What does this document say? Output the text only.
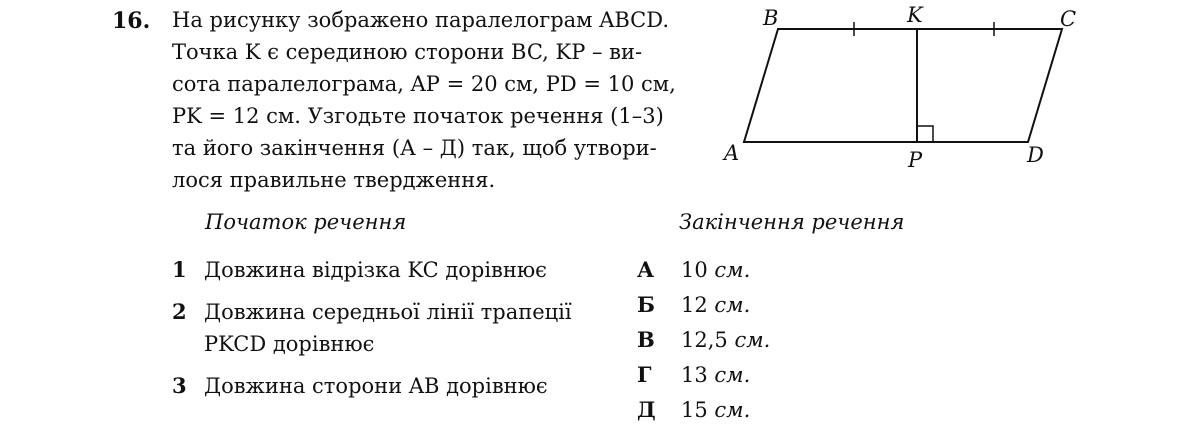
16. На рисунку зображено паралелограм ABCD.
Точка K є серединою сторони BC, KP – ви-
сота паралелограма, AP = 20 см, PD = 10 см,
PK = 12 см. Узгодьте початок речення (1–3)
та його закінчення (А – Д) так, щоб утвори-
лося правильне твердження.

B	K	C
A	P	D
Початок речення	Закінчення речення
1 Довжина відрізка KC дорівнює
2 Довжина середньої лінії трапеції
PKCD дорівнює
3 Довжина сторони AB дорівнює
А 10 см.
Б 12 см.
В 12,5 см.
Г 13 см.
Д 15 см.
